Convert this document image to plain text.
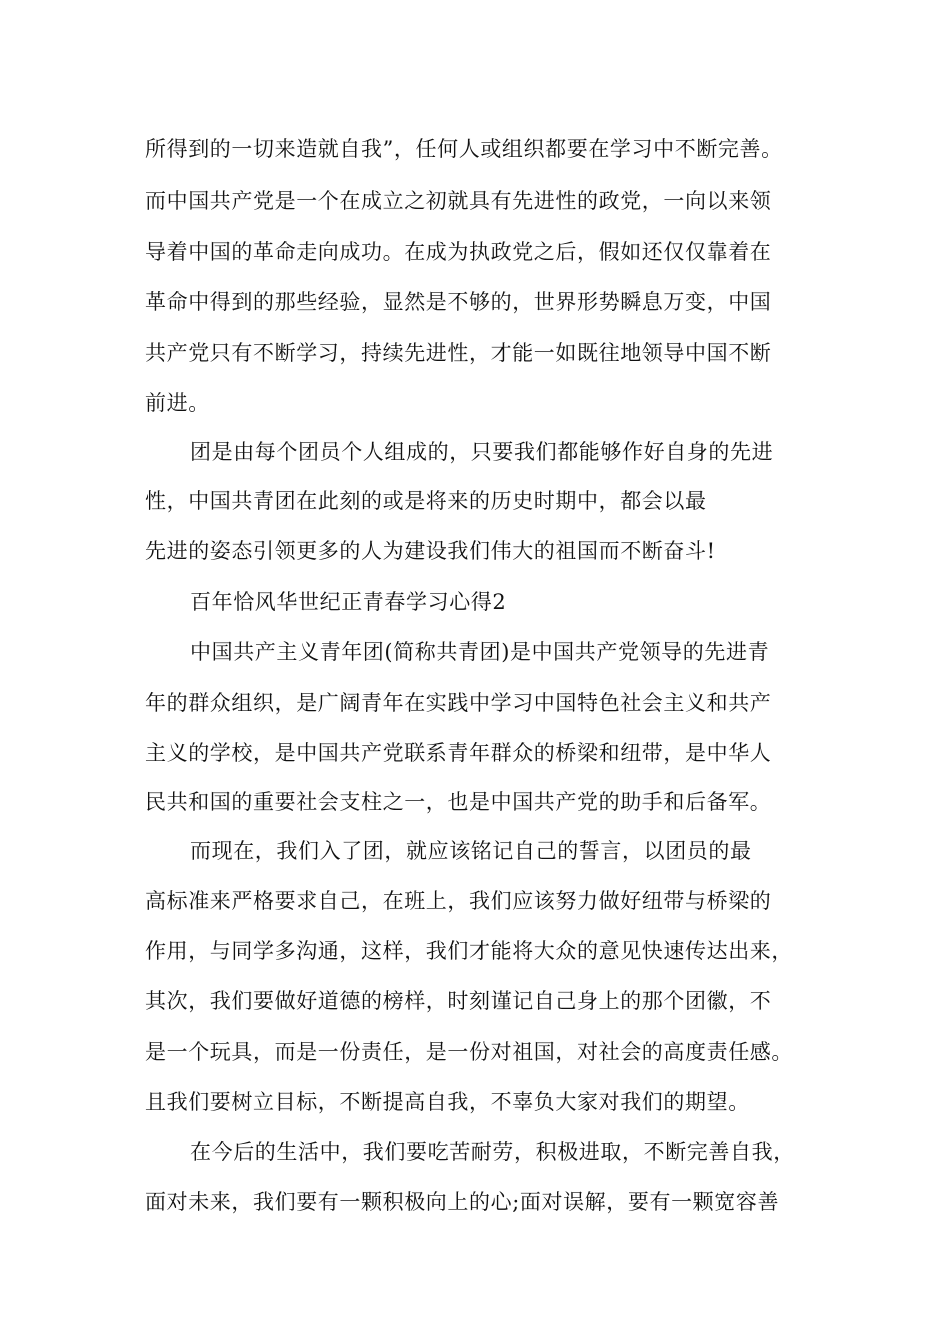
所得到的一切来造就自我”，任何人或组织都要在学习中不断完善。
而中国共产党是一个在成立之初就具有先进性的政党，一向以来领
导着中国的革命走向成功。在成为执政党之后，假如还仅仅靠着在
革命中得到的那些经验，显然是不够的，世界形势瞬息万变，中国
共产党只有不断学习，持续先进性，才能一如既往地领导中国不断
前进。
团是由每个团员个人组成的，只要我们都能够作好自身的先进
性，中国共青团在此刻的或是将来的历史时期中，都会以最
先进的姿态引领更多的人为建设我们伟大的祖国而不断奋斗!
百年恰风华世纪正青春学习心得2
中国共产主义青年团(简称共青团)是中国共产党领导的先进青
年的群众组织，是广阔青年在实践中学习中国特色社会主义和共产
主义的学校，是中国共产党联系青年群众的桥梁和纽带，是中华人
民共和国的重要社会支柱之一，也是中国共产党的助手和后备军。
而现在，我们入了团，就应该铭记自己的誓言，以团员的最
高标准来严格要求自己，在班上，我们应该努力做好纽带与桥梁的
作用，与同学多沟通，这样，我们才能将大众的意见快速传达出来，
其次，我们要做好道德的榜样，时刻谨记自己身上的那个团徽，不
是一个玩具，而是一份责任，是一份对祖国，对社会的高度责任感。
且我们要树立目标，不断提高自我，不辜负大家对我们的期望。
在今后的生活中，我们要吃苦耐劳，积极进取，不断完善自我，
面对未来，我们要有一颗积极向上的心;面对误解，要有一颗宽容善
